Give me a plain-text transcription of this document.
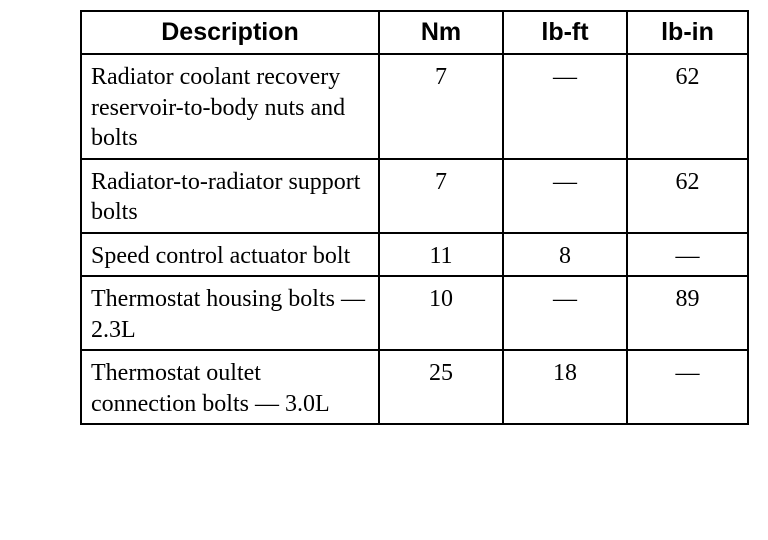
Description	Nm	lb-ft	lb-in
Radiator coolant recovery reservoir-to-body nuts and bolts	7	—	62
Radiator-to-radiator support bolts	7	—	62
Speed control actuator bolt	11	8	—
Thermostat housing bolts — 2.3L	10	—	89
Thermostat oultet connection bolts — 3.0L	25	18	—
